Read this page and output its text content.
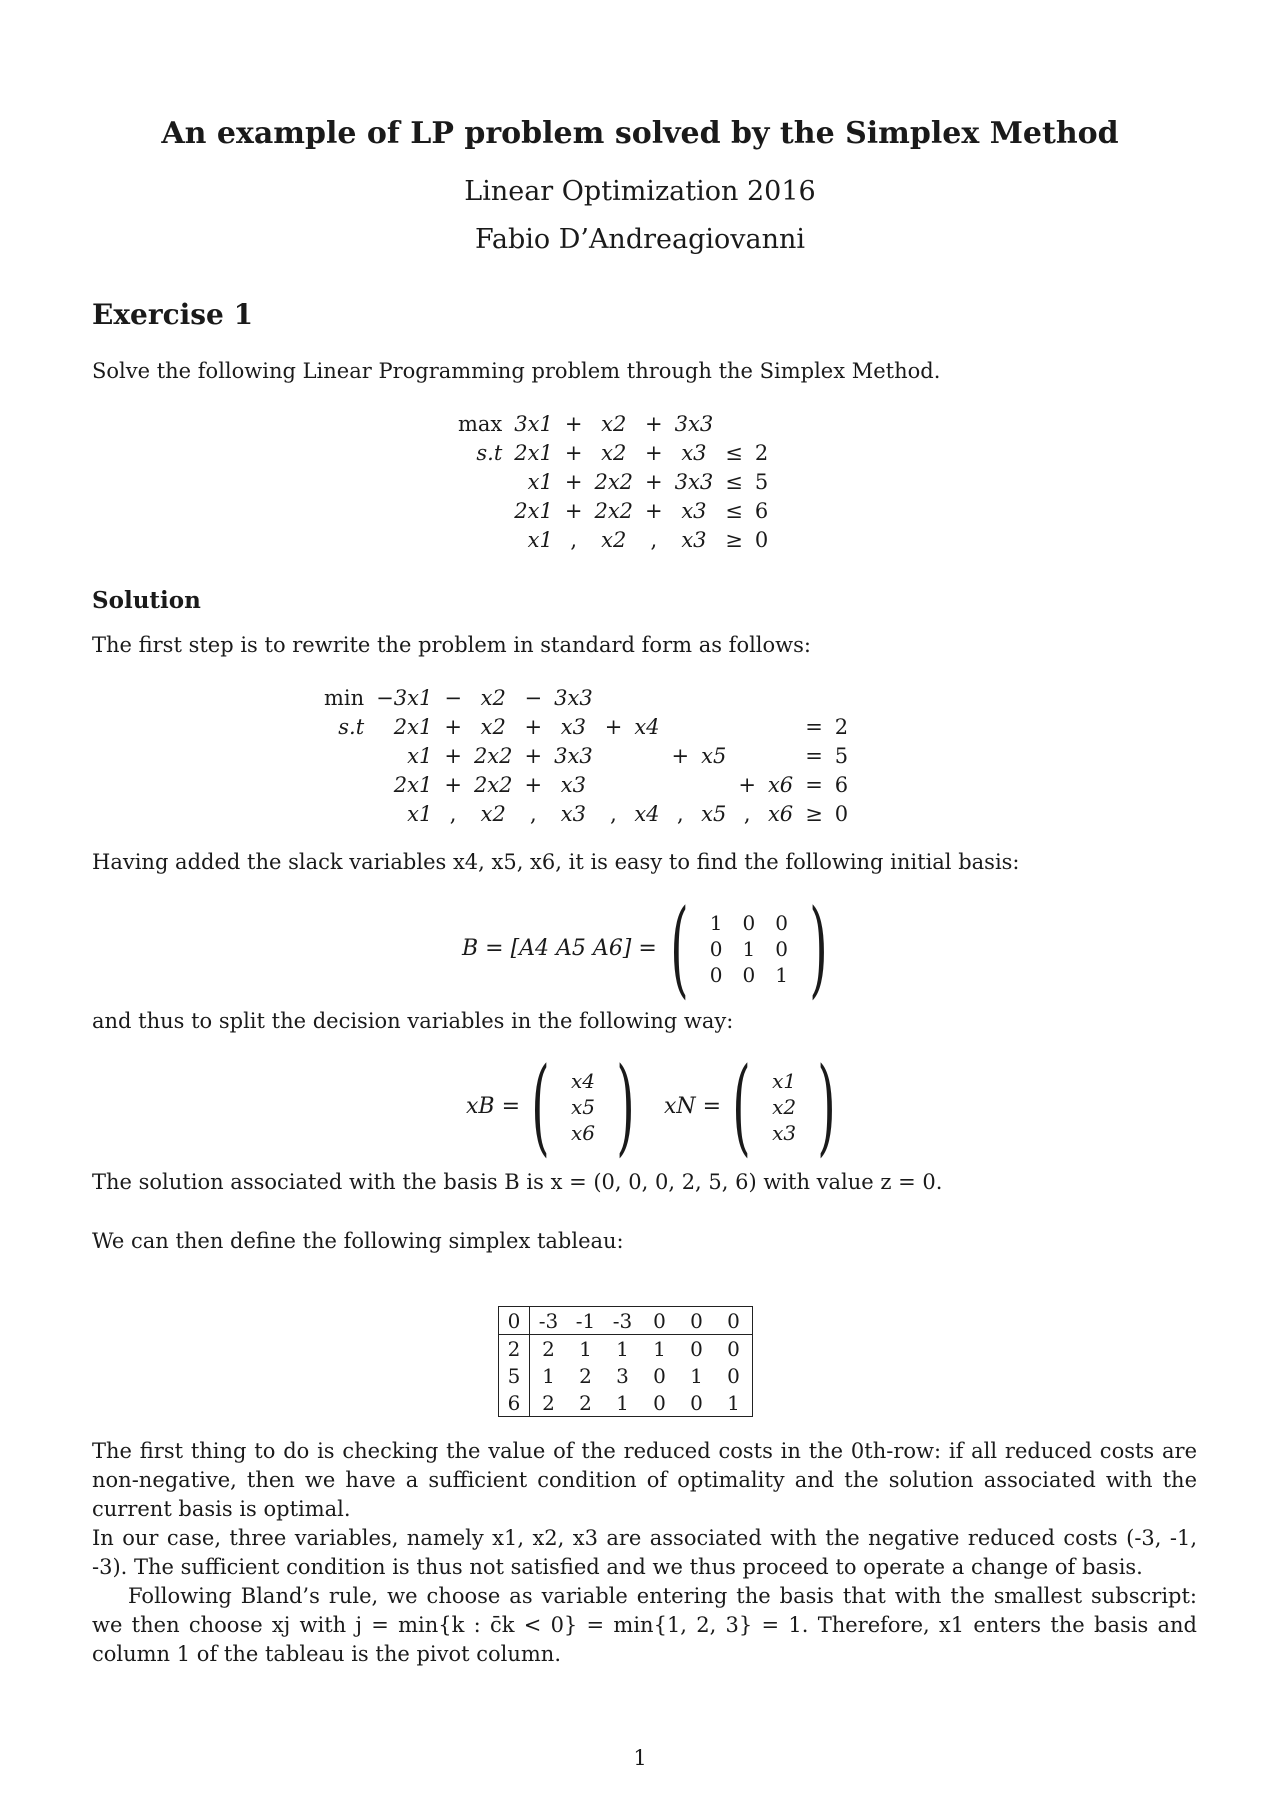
An example of LP problem solved by the Simplex Method
Linear Optimization 2016
Fabio D’Andreagiovanni
Exercise 1
Solve the following Linear Programming problem through the Simplex Method.
max	3x1	+	x2	+	3x3		
s.t	2x1	+	x2	+	x3	≤	2
	x1	+	2x2	+	3x3	≤	5
	2x1	+	2x2	+	x3	≤	6
	x1	,	x2	,	x3	≥	0
Solution
The first step is to rewrite the problem in standard form as follows:
min	−3x1	−	x2	−	3x3								
s.t	2x1	+	x2	+	x3	+	x4					=	2
	x1	+	2x2	+	3x3			+	x5			=	5
	2x1	+	2x2	+	x3					+	x6	=	6
	x1	,	x2	,	x3	,	x4	,	x5	,	x6	≥	0
Having added the slack variables x4, x5, x6, it is easy to find the following initial basis:
B = [A4 A5 A6] = ( 1	0	0
0	1	0
0	0	1 )
and thus to split the decision variables in the following way:
xB = ( x4
x5
x6 ) xN = ( x1
x2
x3 )
The solution associated with the basis B is x = (0, 0, 0, 2, 5, 6) with value z = 0.
We can then define the following simplex tableau:
0	-3	-1	-3	0	0	0
2	2	1	1	1	0	0
5	1	2	3	0	1	0
6	2	2	1	0	0	1
The first thing to do is checking the value of the reduced costs in the 0th-row: if all reduced costs are non-negative, then we have a sufficient condition of optimality and the solution associated with the current basis is optimal.
In our case, three variables, namely x1, x2, x3 are associated with the negative reduced costs (-3, -1, -3). The sufficient condition is thus not satisfied and we thus proceed to operate a change of basis.
Following Bland’s rule, we choose as variable entering the basis that with the smallest subscript: we then choose xj with j = min{k : c̄k < 0} = min{1, 2, 3} = 1. Therefore, x1 enters the basis and column 1 of the tableau is the pivot column.
1
